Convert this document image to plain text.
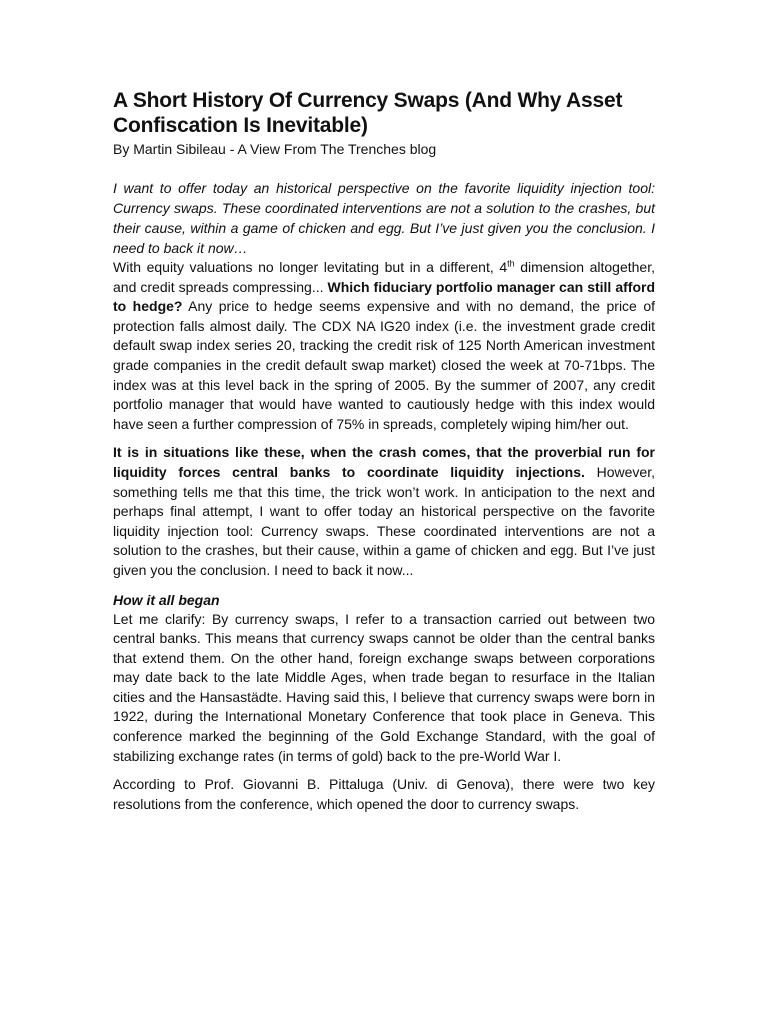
A Short History Of Currency Swaps (And Why Asset Confiscation Is Inevitable)
By Martin Sibileau - A View From The Trenches blog

I want to offer today an historical perspective on the favorite liquidity injection tool: Currency swaps. These coordinated interventions are not a solution to the crashes, but their cause, within a game of chicken and egg. But I’ve just given you the conclusion. I need to back it now…

With equity valuations no longer levitating but in a different, 4th dimension altogether, and credit spreads compressing... Which fiduciary portfolio manager can still afford to hedge? Any price to hedge seems expensive and with no demand, the price of protection falls almost daily. The CDX NA IG20 index (i.e. the investment grade credit default swap index series 20, tracking the credit risk of 125 North American investment grade companies in the credit default swap market) closed the week at 70-71bps. The index was at this level back in the spring of 2005. By the summer of 2007, any credit portfolio manager that would have wanted to cautiously hedge with this index would have seen a further compression of 75% in spreads, completely wiping him/her out.

It is in situations like these, when the crash comes, that the proverbial run for liquidity forces central banks to coordinate liquidity injections. However, something tells me that this time, the trick won’t work. In anticipation to the next and perhaps final attempt, I want to offer today an historical perspective on the favorite liquidity injection tool: Currency swaps. These coordinated interventions are not a solution to the crashes, but their cause, within a game of chicken and egg. But I’ve just given you the conclusion. I need to back it now...

How it all began

Let me clarify: By currency swaps, I refer to a transaction carried out between two central banks. This means that currency swaps cannot be older than the central banks that extend them. On the other hand, foreign exchange swaps between corporations may date back to the late Middle Ages, when trade began to resurface in the Italian cities and the Hansastädte. Having said this, I believe that currency swaps were born in 1922, during the International Monetary Conference that took place in Geneva. This conference marked the beginning of the Gold Exchange Standard, with the goal of stabilizing exchange rates (in terms of gold) back to the pre-World War I.

According to Prof. Giovanni B. Pittaluga (Univ. di Genova), there were two key resolutions from the conference, which opened the door to currency swaps.
